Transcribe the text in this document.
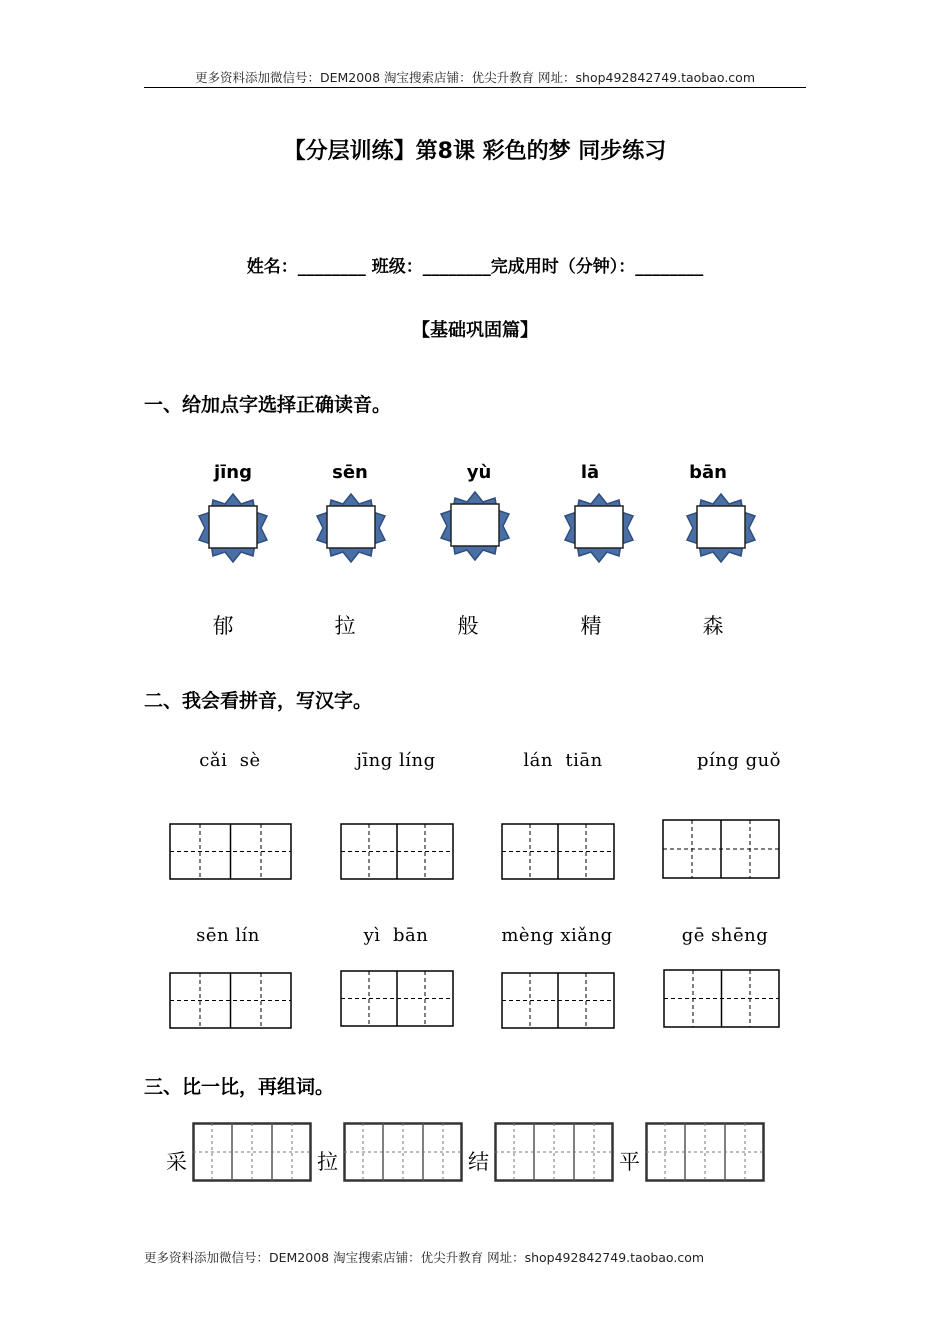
更多资料添加微信号：DEM2008 淘宝搜索店铺：优尖升教育 网址：shop492842749.taobao.com
【分层训练】第8课 彩色的梦 同步练习
姓名：________ 班级：________完成用时（分钟）：________
【基础巩固篇】
一、给加点字选择正确读音。
jīng	sēn	yù	lā	bān
郁	拉	般	精	森
二、我会看拼音，写汉字。
cǎi  sè	jīng líng	lán  tiān	píng guǒ
sēn lín	yì  bān	mèng xiǎng	gē shēng
三、比一比，再组词。
采	拉	结	平
更多资料添加微信号：DEM2008 淘宝搜索店铺：优尖升教育 网址：shop492842749.taobao.com
